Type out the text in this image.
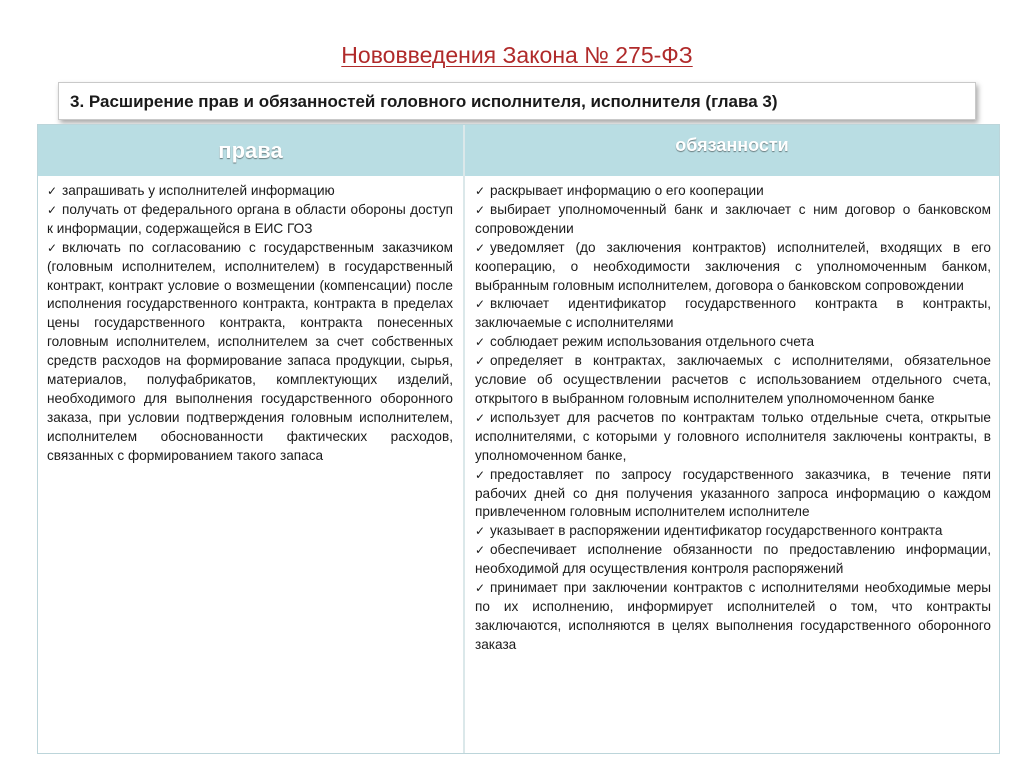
Нововведения Закона № 275-ФЗ
3. Расширение прав и обязанностей головного исполнителя, исполнителя (глава 3)
права	обязанности
✓ запрашивать у исполнителей информацию
✓ получать от федерального органа в области обороны доступ к информации, содержащейся в ЕИС ГОЗ
✓ включать по согласованию с государственным заказчиком (головным исполнителем, исполнителем) в государственный контракт, контракт условие о возмещении (компенсации) после исполнения государственного контракта, контракта в пределах цены государственного контракта, контракта понесенных головным исполнителем, исполнителем за счет собственных средств расходов на формирование запаса продукции, сырья, материалов, полуфабрикатов, комплектующих изделий, необходимого для выполнения государственного оборонного заказа, при условии подтверждения головным исполнителем, исполнителем обоснованности фактических расходов, связанных с формированием такого запаса
✓ раскрывает информацию о его кооперации
✓ выбирает уполномоченный банк и заключает с ним договор о банковском сопровождении
✓ уведомляет (до заключения контрактов) исполнителей, входящих в его кооперацию, о необходимости заключения с уполномоченным банком, выбранным головным исполнителем, договора о банковском сопровождении
✓ включает идентификатор государственного контракта в контракты, заключаемые с исполнителями
✓ соблюдает режим использования отдельного счета
✓ определяет в контрактах, заключаемых с исполнителями, обязательное условие об осуществлении расчетов с использованием отдельного счета, открытого в выбранном головным исполнителем уполномоченном банке
✓ использует для расчетов по контрактам только отдельные счета, открытые исполнителями, с которыми у головного исполнителя заключены контракты, в уполномоченном банке,
✓ предоставляет по запросу государственного заказчика, в течение пяти рабочих дней со дня получения указанного запроса информацию о каждом привлеченном головным исполнителем исполнителе
✓ указывает в распоряжении идентификатор государственного контракта
✓ обеспечивает исполнение обязанности по предоставлению информации, необходимой для осуществления контроля распоряжений
✓ принимает при заключении контрактов с исполнителями необходимые меры по их исполнению, информирует исполнителей о том, что контракты заключаются, исполняются в целях выполнения государственного оборонного заказа
